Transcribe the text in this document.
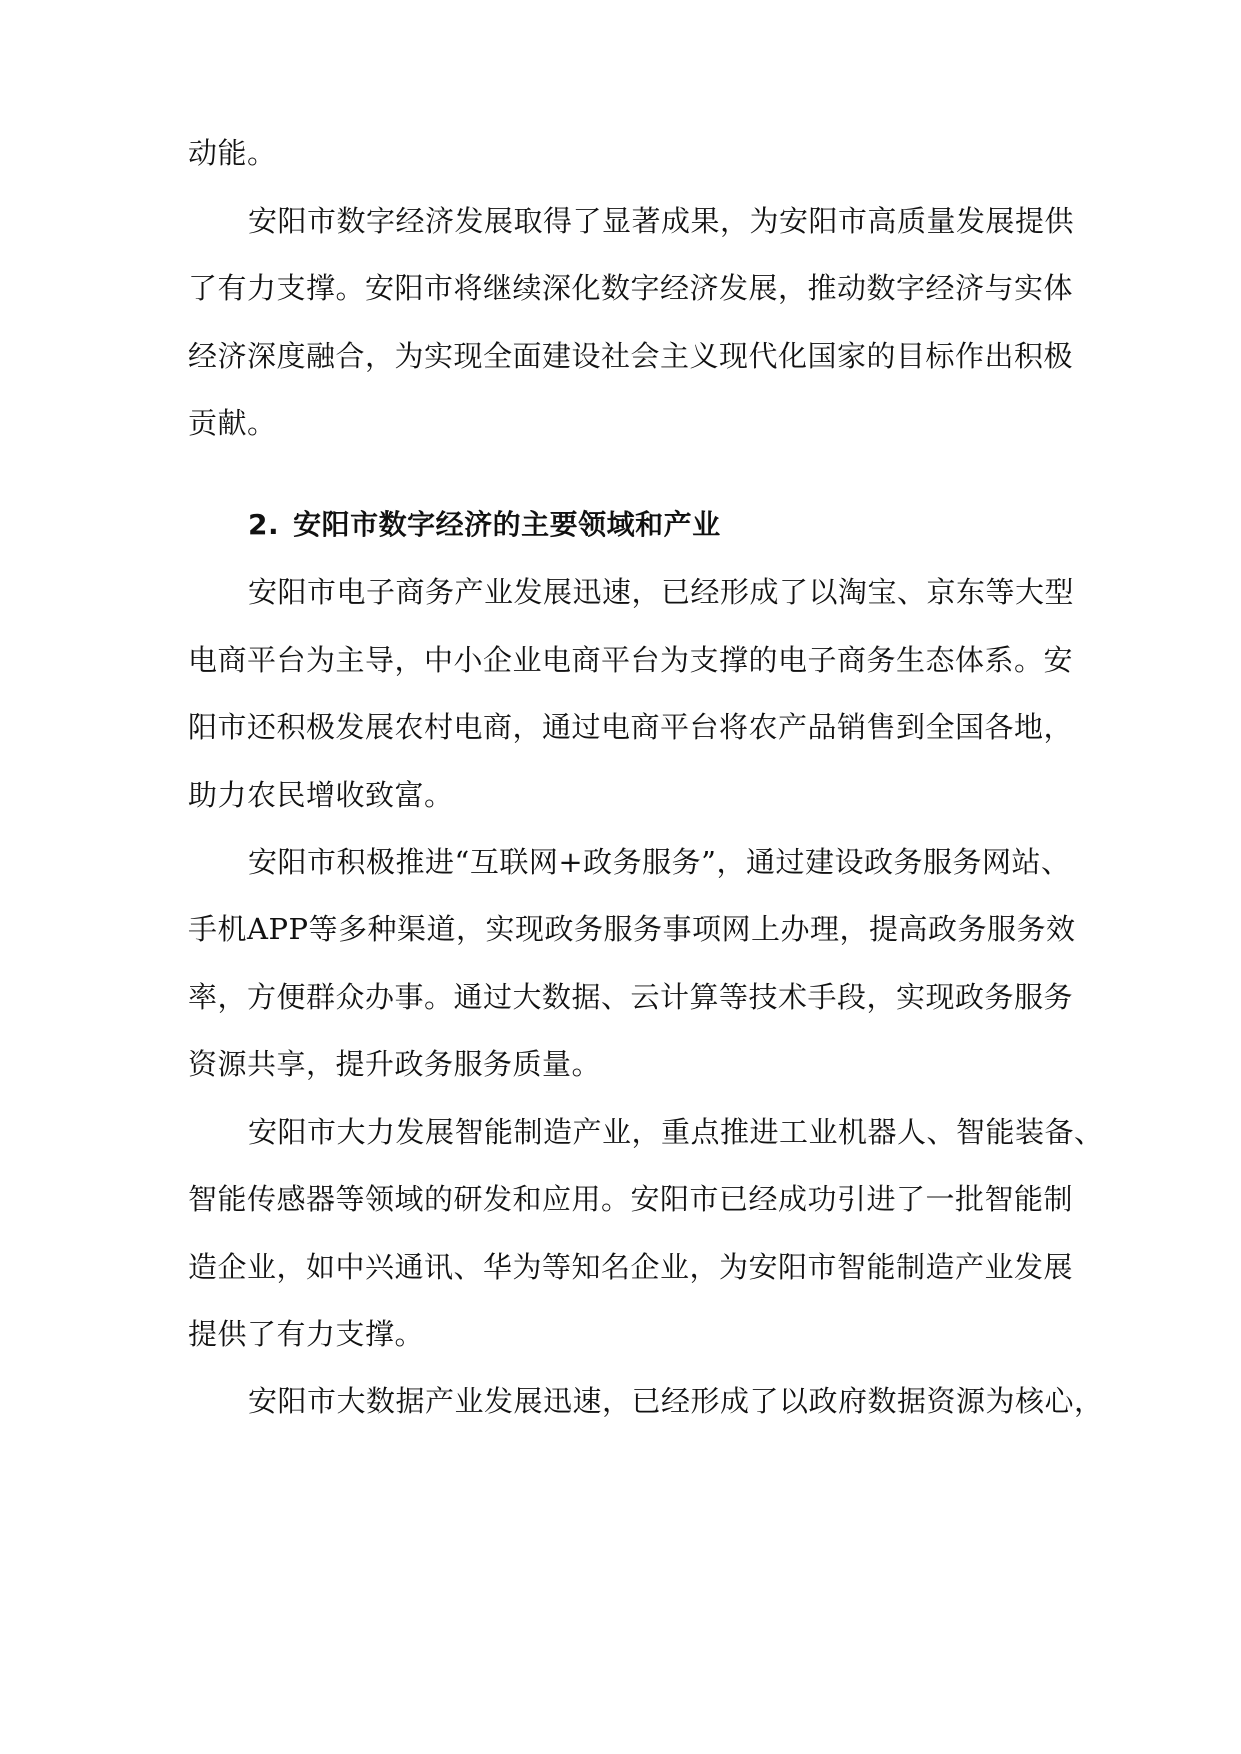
动能。
安阳市数字经济发展取得了显著成果，为安阳市高质量发展提供
了有力支撑。安阳市将继续深化数字经济发展，推动数字经济与实体
经济深度融合，为实现全面建设社会主义现代化国家的目标作出积极
贡献。
2. 安阳市数字经济的主要领域和产业
安阳市电子商务产业发展迅速，已经形成了以淘宝、京东等大型
电商平台为主导，中小企业电商平台为支撑的电子商务生态体系。安
阳市还积极发展农村电商，通过电商平台将农产品销售到全国各地，
助力农民增收致富。
安阳市积极推进“互联网+政务服务”，通过建设政务服务网站、
手机APP等多种渠道，实现政务服务事项网上办理，提高政务服务效
率，方便群众办事。通过大数据、云计算等技术手段，实现政务服务
资源共享，提升政务服务质量。
安阳市大力发展智能制造产业，重点推进工业机器人、智能装备、
智能传感器等领域的研发和应用。安阳市已经成功引进了一批智能制
造企业，如中兴通讯、华为等知名企业，为安阳市智能制造产业发展
提供了有力支撑。
安阳市大数据产业发展迅速，已经形成了以政府数据资源为核心，
